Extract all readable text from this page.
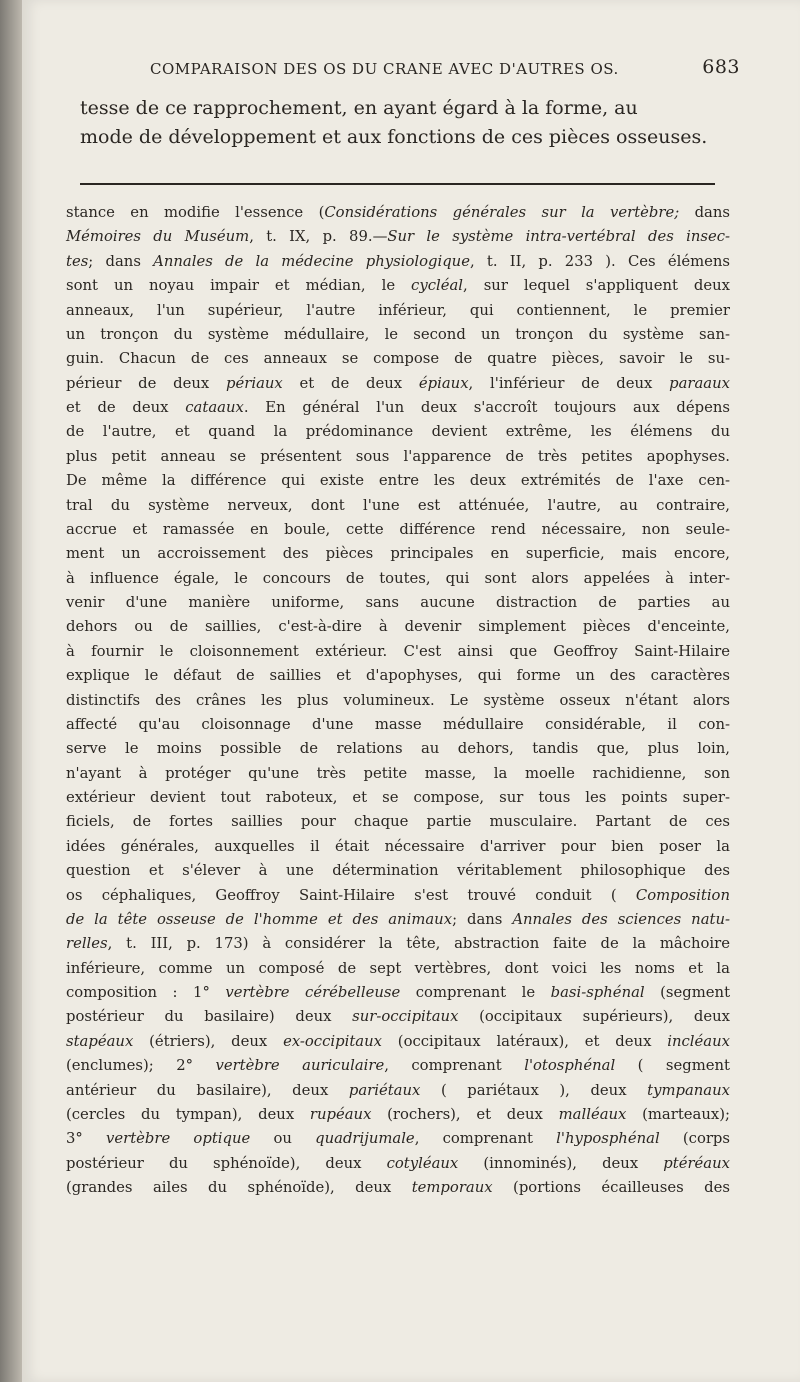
COMPARAISON DES OS DU CRANE AVEC D'AUTRES OS.	683

tesse de ce rapprochement, en ayant égard à la forme, au

mode de développement et aux fonctions de ces pièces osseuses.

stance en modifie l'essence (Considérations générales sur la vertèbre; dans

Mémoires du Muséum, t. IX, p. 89.—Sur le système intra-vertébral des insec-

tes; dans Annales de la médecine physiologique, t. II, p. 233 ). Ces élémens

sont un noyau impair et médian, le cycléal, sur lequel s'appliquent deux

anneaux, l'un supérieur, l'autre inférieur, qui contiennent, le premier

un tronçon du système médullaire, le second un tronçon du système san-

guin. Chacun de ces anneaux se compose de quatre pièces, savoir le su-

périeur de deux périaux et de deux épiaux, l'inférieur de deux paraaux

et de deux cataaux. En général l'un deux s'accroît toujours aux dépens

de l'autre, et quand la prédominance devient extrême, les élémens du

plus petit anneau se présentent sous l'apparence de très petites apophyses.

De même la différence qui existe entre les deux extrémités de l'axe cen-

tral du système nerveux, dont l'une est atténuée, l'autre, au contraire,

accrue et ramassée en boule, cette différence rend nécessaire, non seule-

ment un accroissement des pièces principales en superficie, mais encore,

à influence égale, le concours de toutes, qui sont alors appelées à inter-

venir d'une manière uniforme, sans aucune distraction de parties au

dehors ou de saillies, c'est-à-dire à devenir simplement pièces d'enceinte,

à fournir le cloisonnement extérieur. C'est ainsi que Geoffroy Saint-Hilaire

explique le défaut de saillies et d'apophyses, qui forme un des caractères

distinctifs des crânes les plus volumineux. Le système osseux n'étant alors

affecté qu'au cloisonnage d'une masse médullaire considérable, il con-

serve le moins possible de relations au dehors, tandis que, plus loin,

n'ayant à protéger qu'une très petite masse, la moelle rachidienne, son

extérieur devient tout raboteux, et se compose, sur tous les points super-

ficiels, de fortes saillies pour chaque partie musculaire. Partant de ces

idées générales, auxquelles il était nécessaire d'arriver pour bien poser la

question et s'élever à une détermination véritablement philosophique des

os céphaliques, Geoffroy Saint-Hilaire s'est trouvé conduit ( Composition

de la tête osseuse de l'homme et des animaux; dans Annales des sciences natu-

relles, t. III, p. 173) à considérer la tête, abstraction faite de la mâchoire

inférieure, comme un composé de sept vertèbres, dont voici les noms et la

composition : 1° vertèbre cérébelleuse comprenant le basi-sphénal (segment

postérieur du basilaire) deux sur-occipitaux (occipitaux supérieurs), deux

stapéaux (étriers), deux ex-occipitaux (occipitaux latéraux), et deux incléaux

(enclumes); 2° vertèbre auriculaire, comprenant l'otosphénal ( segment

antérieur du basilaire), deux pariétaux ( pariétaux ), deux tympanaux

(cercles du tympan), deux rupéaux (rochers), et deux malléaux (marteaux);

3° vertèbre optique ou quadrijumale, comprenant l'hyposphénal (corps

postérieur du sphénoïde), deux cotyléaux (innominés), deux ptéréaux

(grandes ailes du sphénoïde), deux temporaux (portions écailleuses des
